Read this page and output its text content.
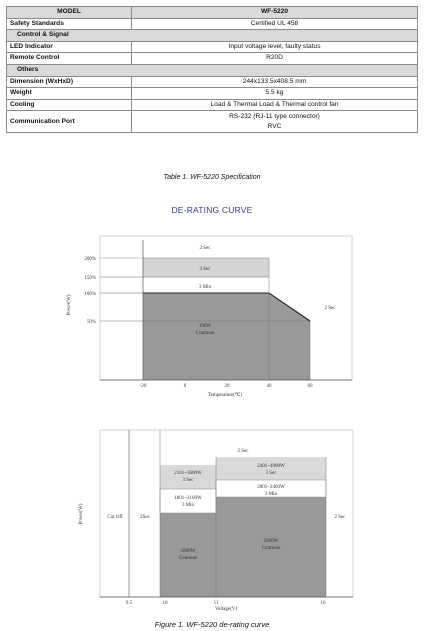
MODEL	WF-5220
Safety Standards	Certified UL 458
Control & Signal	
LED Indicator	Input voltage level, faulty status
Remote Control	R20D
Others	
Dimension (WxHxD)	244x133.5x408.5 mm
Weight	5.5 kg
Cooling	Load & Thermal Load & Thermal control fan
Communication Port	RS-232 (RJ-11 type connector)
RVC
Table 1. WF-5220 Specification
DE-RATING CURVE
Power(W)
200%
150%
100%
50%
-20	0	20	40	60
Temperature(℃)
2 Sec
3 Sec
3 Min
2 Sec
100W
Continue
Power(W)	Cut Off	2Sec
2 Sec
2 Sec
2161~3600W
3 Sec
1801~2160W
3 Min
1800W
Continue
2401~4000W
3 Sec
2001~2400W
3 Min
2000W
Continue
9.5	10	11	16
Voltage(V)
Figure 1. WF-5220 de-rating curve
